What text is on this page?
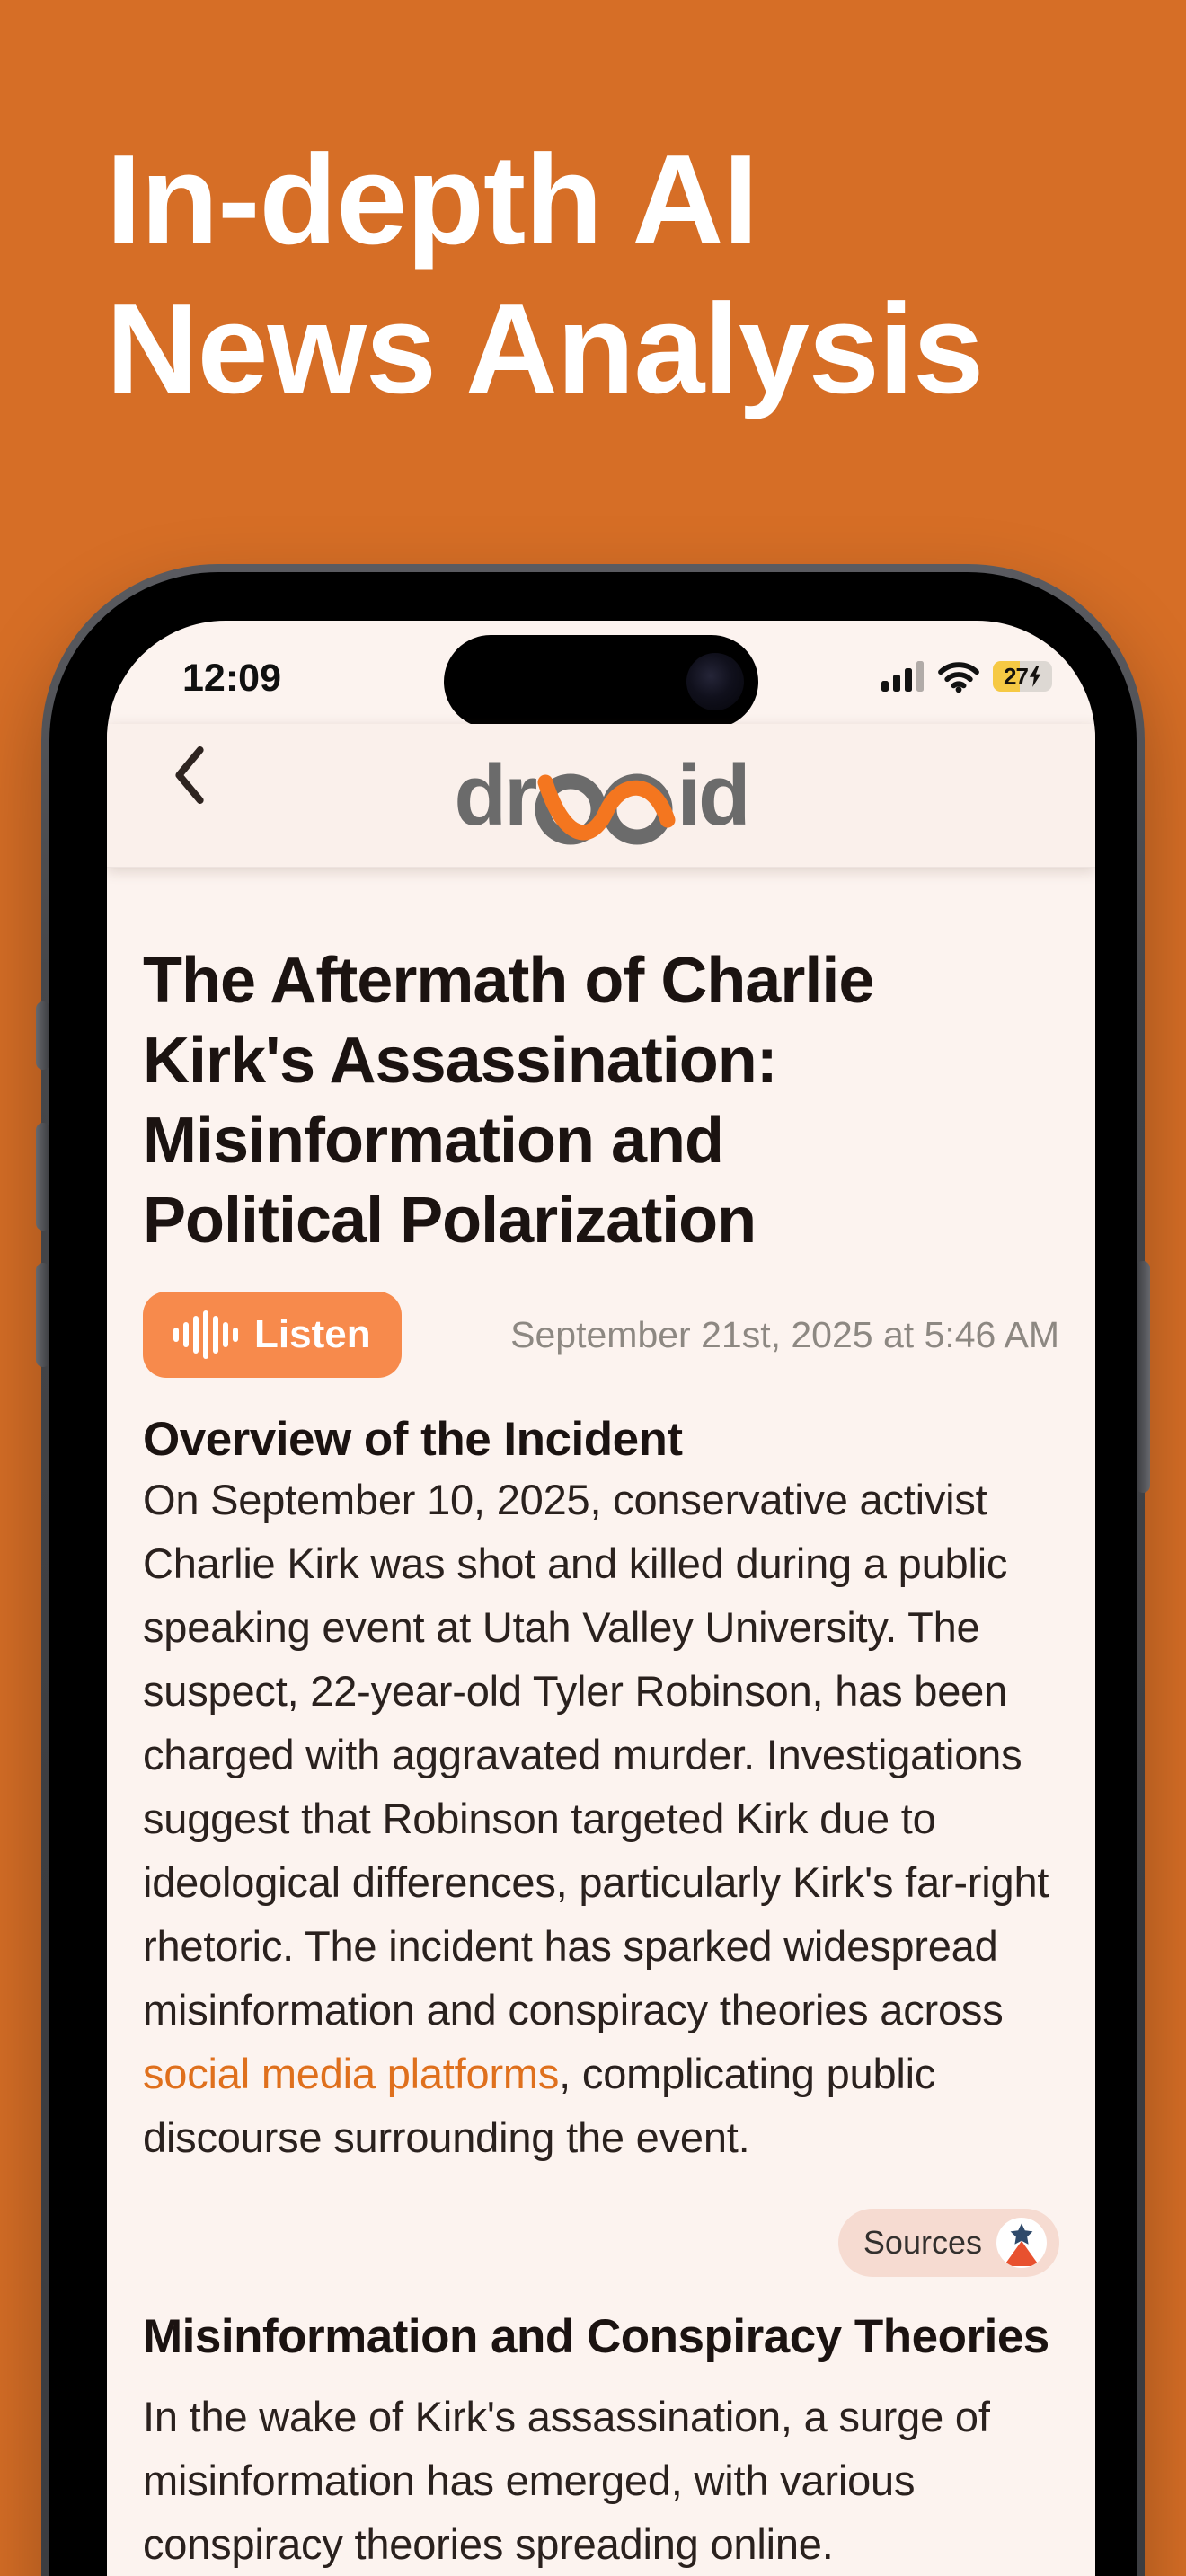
In-depth AI
News Analysis
12:09	27
dr id
The Aftermath of Charlie
Kirk's Assassination:
Misinformation and
Political Polarization
Listen	September 21st, 2025 at 5:46 AM
Overview of the Incident

On September 10, 2025, conservative activist Charlie Kirk was shot and killed during a public speaking event at Utah Valley University. The suspect, 22-year-old Tyler Robinson, has been charged with aggravated murder. Investigations suggest that Robinson targeted Kirk due to ideological differences, particularly Kirk's far-right rhetoric. The incident has sparked widespread misinformation and conspiracy theories across social media platforms, complicating public discourse surrounding the event.

Sources
Misinformation and Conspiracy Theories

In the wake of Kirk's assassination, a surge of misinformation has emerged, with various conspiracy theories spreading online.
